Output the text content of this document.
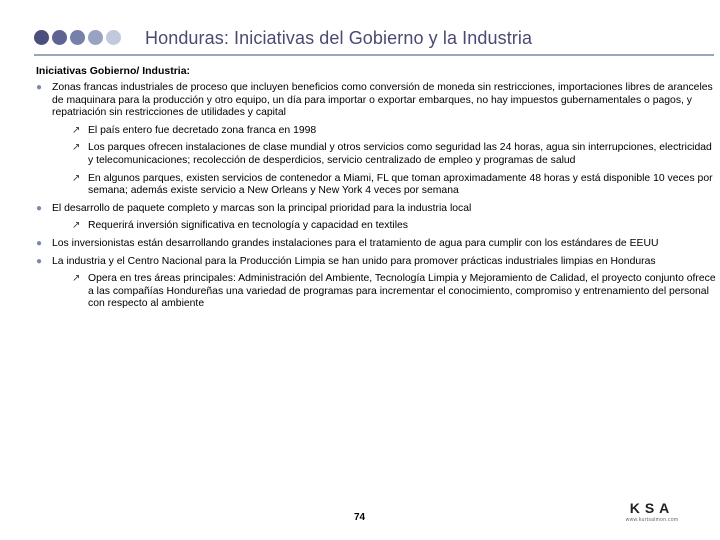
Honduras: Iniciativas del Gobierno y la Industria
Iniciativas Gobierno/ Industria:
● Zonas francas industriales de proceso que incluyen beneficios como conversión de moneda sin restricciones, importaciones libres de aranceles de maquinara para la producción y otro equipo, un día para importar o exportar embarques, no hay impuestos gubernamentales o pagos, y repatriación sin restricciones de utilidades y capital
↗ El país entero fue decretado zona franca en 1998
↗ Los parques ofrecen instalaciones de clase mundial y otros servicios como seguridad las 24 horas, agua sin interrupciones, electricidad y telecomunicaciones; recolección de desperdicios, servicio centralizado de empleo y programas de salud
↗ En algunos parques, existen servicios de contenedor a Miami, FL que toman aproximadamente 48 horas y está disponible 10 veces por semana; además existe servicio a New Orleans y New York 4 veces por semana
● El desarrollo de paquete completo y marcas son la principal prioridad para la industria local
↗ Requerirá inversión significativa en tecnología y capacidad en textiles
● Los inversionistas están desarrollando grandes instalaciones para el tratamiento de agua para cumplir con los estándares de EEUU
● La industria y el Centro Nacional para la Producción Limpia se han unido para promover prácticas industriales limpias en Honduras
↗ Opera en tres áreas principales: Administración del Ambiente, Tecnología Limpia y Mejoramiento de Calidad, el proyecto conjunto ofrece a las compañías Hondureñas una variedad de programas para incrementar el conocimiento, compromiso y entrenamiento del personal con respecto al ambiente
74
KSA
www.kurtsalmon.com
